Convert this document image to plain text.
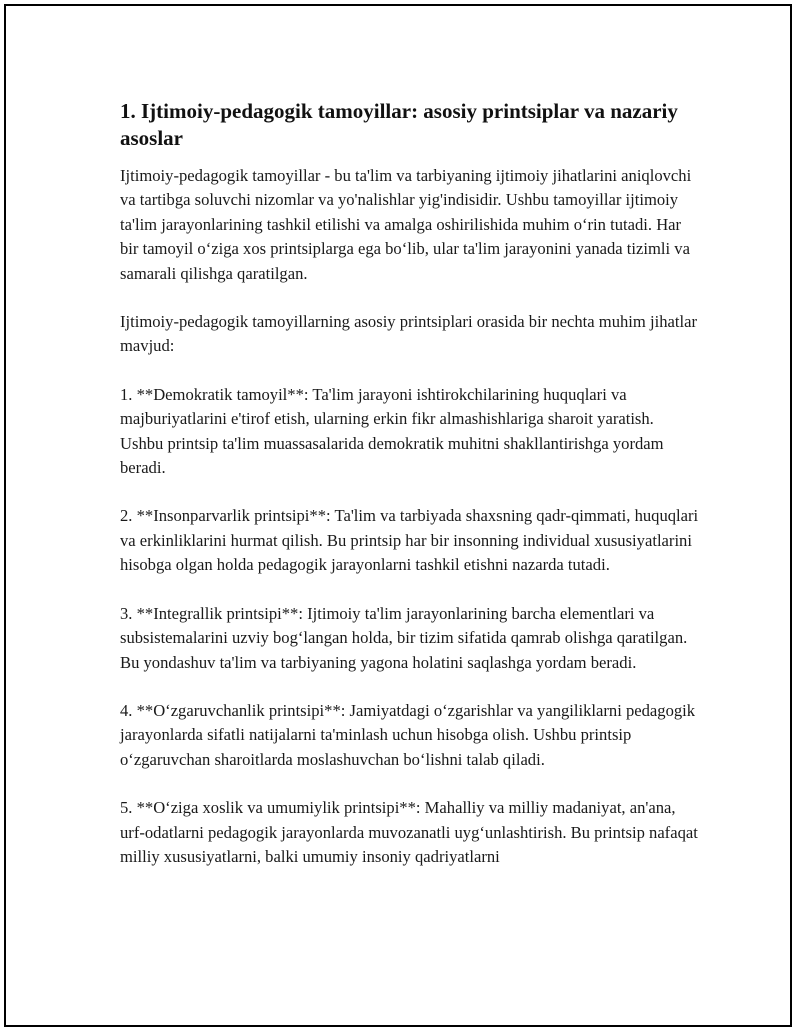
1. Ijtimoiy-pedagogik tamoyillar: asosiy printsiplar va nazariy asoslar

Ijtimoiy-pedagogik tamoyillar - bu ta'lim va tarbiyaning ijtimoiy jihatlarini aniqlovchi va tartibga soluvchi nizomlar va yo'nalishlar yig'indisidir. Ushbu tamoyillar ijtimoiy ta'lim jarayonlarining tashkil etilishi va amalga oshirilishida muhim o‘rin tutadi. Har bir tamoyil o‘ziga xos printsiplarga ega bo‘lib, ular ta'lim jarayonini yanada tizimli va samarali qilishga qaratilgan.

Ijtimoiy-pedagogik tamoyillarning asosiy printsiplari orasida bir nechta muhim jihatlar mavjud:

1. **Demokratik tamoyil**: Ta'lim jarayoni ishtirokchilarining huquqlari va majburiyatlarini e'tirof etish, ularning erkin fikr almashishlariga sharoit yaratish. Ushbu printsip ta'lim muassasalarida demokratik muhitni shakllantirishga yordam beradi.

2. **Insonparvarlik printsipi**: Ta'lim va tarbiyada shaxsning qadr-qimmati, huquqlari va erkinliklarini hurmat qilish. Bu printsip har bir insonning individual xususiyatlarini hisobga olgan holda pedagogik jarayonlarni tashkil etishni nazarda tutadi.

3. **Integrallik printsipi**: Ijtimoiy ta'lim jarayonlarining barcha elementlari va subsistemalarini uzviy bog‘langan holda, bir tizim sifatida qamrab olishga qaratilgan. Bu yondashuv ta'lim va tarbiyaning yagona holatini saqlashga yordam beradi.

4. **O‘zgaruvchanlik printsipi**: Jamiyatdagi o‘zgarishlar va yangiliklarni pedagogik jarayonlarda sifatli natijalarni ta'minlash uchun hisobga olish. Ushbu printsip o‘zgaruvchan sharoitlarda moslashuvchan bo‘lishni talab qiladi.

5. **O‘ziga xoslik va umumiylik printsipi**: Mahalliy va milliy madaniyat, an'ana, urf-odatlarni pedagogik jarayonlarda muvozanatli uyg‘unlashtirish. Bu printsip nafaqat milliy xususiyatlarni, balki umumiy insoniy qadriyatlarni
